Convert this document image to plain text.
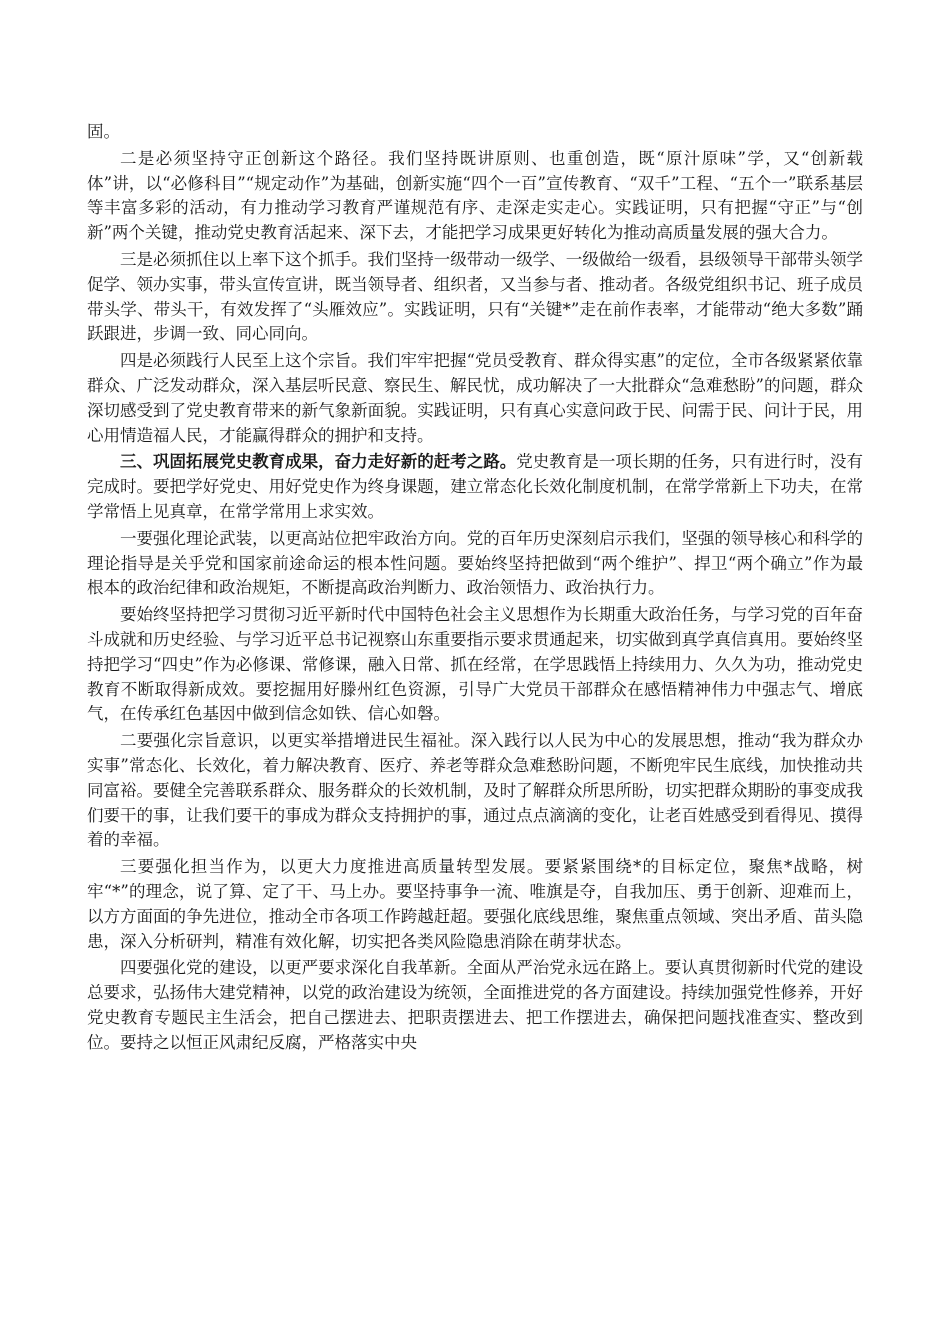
固。

二是必须坚持守正创新这个路径。我们坚持既讲原则、也重创造，既“原汁原味”学，又“创新载体”讲，以“必修科目”“规定动作”为基础，创新实施“四个一百”宣传教育、“双千”工程、“五个一”联系基层等丰富多彩的活动，有力推动学习教育严谨规范有序、走深走实走心。实践证明，只有把握“守正”与“创新”两个关键，推动党史教育活起来、深下去，才能把学习成果更好转化为推动高质量发展的强大合力。

三是必须抓住以上率下这个抓手。我们坚持一级带动一级学、一级做给一级看，县级领导干部带头领学促学、领办实事，带头宣传宣讲，既当领导者、组织者，又当参与者、推动者。各级党组织书记、班子成员带头学、带头干，有效发挥了“头雁效应”。实践证明，只有“关键*”走在前作表率，才能带动“绝大多数”踊跃跟进，步调一致、同心同向。

四是必须践行人民至上这个宗旨。我们牢牢把握“党员受教育、群众得实惠”的定位，全市各级紧紧依靠群众、广泛发动群众，深入基层听民意、察民生、解民忧，成功解决了一大批群众“急难愁盼”的问题，群众深切感受到了党史教育带来的新气象新面貌。实践证明，只有真心实意问政于民、问需于民、问计于民，用心用情造福人民，才能赢得群众的拥护和支持。

三、巩固拓展党史教育成果，奋力走好新的赶考之路。党史教育是一项长期的任务，只有进行时，没有完成时。要把学好党史、用好党史作为终身课题，建立常态化长效化制度机制，在常学常新上下功夫，在常学常悟上见真章，在常学常用上求实效。

一要强化理论武装，以更高站位把牢政治方向。党的百年历史深刻启示我们，坚强的领导核心和科学的理论指导是关乎党和国家前途命运的根本性问题。要始终坚持把做到“两个维护”、捍卫“两个确立”作为最根本的政治纪律和政治规矩，不断提高政治判断力、政治领悟力、政治执行力。

要始终坚持把学习贯彻习近平新时代中国特色社会主义思想作为长期重大政治任务，与学习党的百年奋斗成就和历史经验、与学习近平总书记视察山东重要指示要求贯通起来，切实做到真学真信真用。要始终坚持把学习“四史”作为必修课、常修课，融入日常、抓在经常，在学思践悟上持续用力、久久为功，推动党史教育不断取得新成效。要挖掘用好滕州红色资源，引导广大党员干部群众在感悟精神伟力中强志气、增底气，在传承红色基因中做到信念如铁、信心如磐。

二要强化宗旨意识，以更实举措增进民生福祉。深入践行以人民为中心的发展思想，推动“我为群众办实事”常态化、长效化，着力解决教育、医疗、养老等群众急难愁盼问题，不断兜牢民生底线，加快推动共同富裕。要健全完善联系群众、服务群众的长效机制，及时了解群众所思所盼，切实把群众期盼的事变成我们要干的事，让我们要干的事成为群众支持拥护的事，通过点点滴滴的变化，让老百姓感受到看得见、摸得着的幸福。

三要强化担当作为，以更大力度推进高质量转型发展。要紧紧围绕*的目标定位，聚焦*战略，树牢“*”的理念，说了算、定了干、马上办。要坚持事争一流、唯旗是夺，自我加压、勇于创新、迎难而上，以方方面面的争先进位，推动全市各项工作跨越赶超。要强化底线思维，聚焦重点领域、突出矛盾、苗头隐患，深入分析研判，精准有效化解，切实把各类风险隐患消除在萌芽状态。

四要强化党的建设，以更严要求深化自我革新。全面从严治党永远在路上。要认真贯彻新时代党的建设总要求，弘扬伟大建党精神，以党的政治建设为统领，全面推进党的各方面建设。持续加强党性修养，开好党史教育专题民主生活会，把自己摆进去、把职责摆进去、把工作摆进去，确保把问题找准查实、整改到位。要持之以恒正风肃纪反腐，严格落实中央
